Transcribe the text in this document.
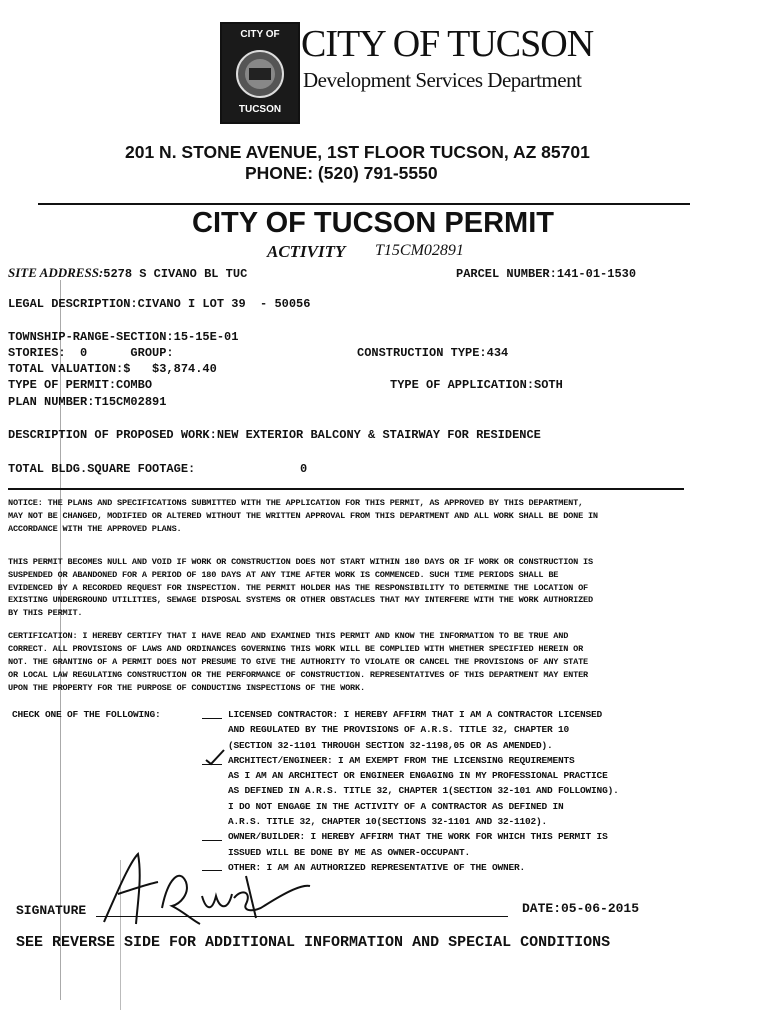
CITY OF
TUCSON
CITY OF TUCSON
Development Services Department
201 N. STONE AVENUE, 1ST FLOOR TUCSON, AZ 85701
PHONE: (520) 791-5550
CITY OF TUCSON PERMIT
ACTIVITY T15CM02891
SITE ADDRESS:5278 S CIVANO BL TUC	PARCEL NUMBER:141-01-1530
LEGAL DESCRIPTION:CIVANO I LOT 39  - 50056
TOWNSHIP-RANGE-SECTION:15-15E-01
STORIES:  0      GROUP:	CONSTRUCTION TYPE:434
TOTAL VALUATION:$   $3,874.40
TYPE OF PERMIT:COMBO	TYPE OF APPLICATION:SOTH
PLAN NUMBER:T15CM02891
DESCRIPTION OF PROPOSED WORK:NEW EXTERIOR BALCONY & STAIRWAY FOR RESIDENCE
TOTAL BLDG.SQUARE FOOTAGE:	0
NOTICE: THE PLANS AND SPECIFICATIONS SUBMITTED WITH THE APPLICATION FOR THIS PERMIT, AS APPROVED BY THIS DEPARTMENT,
MAY NOT BE CHANGED, MODIFIED OR ALTERED WITHOUT THE WRITTEN APPROVAL FROM THIS DEPARTMENT AND ALL WORK SHALL BE DONE IN
ACCORDANCE WITH THE APPROVED PLANS.
THIS PERMIT BECOMES NULL AND VOID IF WORK OR CONSTRUCTION DOES NOT START WITHIN 180 DAYS OR IF WORK OR CONSTRUCTION IS
SUSPENDED OR ABANDONED FOR A PERIOD OF 180 DAYS AT ANY TIME AFTER WORK IS COMMENCED. SUCH TIME PERIODS SHALL BE
EVIDENCED BY A RECORDED REQUEST FOR INSPECTION. THE PERMIT HOLDER HAS THE RESPONSIBILITY TO DETERMINE THE LOCATION OF
EXISTING UNDERGROUND UTILITIES, SEWAGE DISPOSAL SYSTEMS OR OTHER OBSTACLES THAT MAY INTERFERE WITH THE WORK AUTHORIZED
BY THIS PERMIT.
CERTIFICATION: I HEREBY CERTIFY THAT I HAVE READ AND EXAMINED THIS PERMIT AND KNOW THE INFORMATION TO BE TRUE AND
CORRECT. ALL PROVISIONS OF LAWS AND ORDINANCES GOVERNING THIS WORK WILL BE COMPLIED WITH WHETHER SPECIFIED HEREIN OR
NOT. THE GRANTING OF A PERMIT DOES NOT PRESUME TO GIVE THE AUTHORITY TO VIOLATE OR CANCEL THE PROVISIONS OF ANY STATE
OR LOCAL LAW REGULATING CONSTRUCTION OR THE PERFORMANCE OF CONSTRUCTION. REPRESENTATIVES OF THIS DEPARTMENT MAY ENTER
UPON THE PROPERTY FOR THE PURPOSE OF CONDUCTING INSPECTIONS OF THE WORK.
CHECK ONE OF THE FOLLOWING:	LICENSED CONTRACTOR: I HEREBY AFFIRM THAT I AM A CONTRACTOR LICENSED
AND REGULATED BY THE PROVISIONS OF A.R.S. TITLE 32, CHAPTER 10
(SECTION 32-1101 THROUGH SECTION 32-1198,05 OR AS AMENDED).
ARCHITECT/ENGINEER: I AM EXEMPT FROM THE LICENSING REQUIREMENTS
AS I AM AN ARCHITECT OR ENGINEER ENGAGING IN MY PROFESSIONAL PRACTICE
AS DEFINED IN A.R.S. TITLE 32, CHAPTER 1(SECTION 32-101 AND FOLLOWING).
I DO NOT ENGAGE IN THE ACTIVITY OF A CONTRACTOR AS DEFINED IN
A.R.S. TITLE 32, CHAPTER 10(SECTIONS 32-1101 AND 32-1102).
OWNER/BUILDER: I HEREBY AFFIRM THAT THE WORK FOR WHICH THIS PERMIT IS
ISSUED WILL BE DONE BY ME AS OWNER-OCCUPANT.
OTHER: I AM AN AUTHORIZED REPRESENTATIVE OF THE OWNER.
SIGNATURE	DATE:05-06-2015
SEE REVERSE SIDE FOR ADDITIONAL INFORMATION AND SPECIAL CONDITIONS
